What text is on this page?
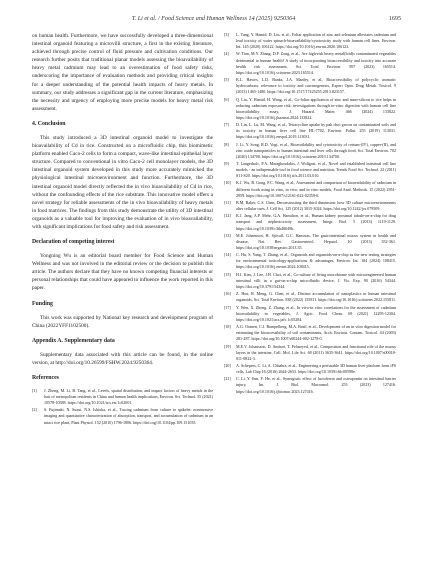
T. Li et al. / Food Science and Human Wellness 14 (2025) 9250364	1695

on human health. Furthermore, we have successfully developed a three-dimensional intestinal organoid featuring a microvilli structure, a first in the existing literature, achieved through precise control of fluid pressure and cultivation conditions. Our research further posits that traditional planar models assessing the bioavailability of heavy metal cadmium may lead to an overestimation of food safety risks, underscoring the importance of evaluation methods and providing critical insights for a deeper understanding of the potential health impacts of heavy metals. In summary, our study addresses a significant gap in the current literature, emphasizing the necessity and urgency of employing more precise models for heavy metal risk assessment.

4. Conclusion

This study introduced a 3D intestinal organoid model to investigate the bioavailability of Cd in rice. Constructed on a microfluidic chip, this biomimetic platform enabled Caco-2 cells to form a compact, wave-like intestinal epithelial layer structure. Compared to conventional in vitro Caco-2 cell monolayer models, the 3D intestinal organoid system developed in this study more accurately mimicked the physiological intestinal microenvironment and function. Furthermore, the 3D intestinal organoid model directly reflected the in vivo bioavailability of Cd in rice, without the confounding effects of the rice substrate. This innovative model offers a novel strategy for reliable assessments of the in vivo bioavailability of heavy metals in food matrices. The findings from this study demonstrate the utility of 3D intestinal organoids as a valuable tool for improving the evaluation of in vivo bioavailability, with significant implications for food safety and risk assessment.

Declaration of competing interest

Yongning Wu is an editorial board member for Food Science and Human Wellness and was not involved in the editorial review or the decision to publish this article. The authors declare that they have no known competing financial interests or personal relationships that could have appeared to influence the work reported in this paper.

Funding

This work was supported by National key research and development program of China (2022YFF1102500).

Appendix A. Supplementary data

Supplementary data associated with this article can be found, in the online version, at http://doi.org/10.26599/FSHW.2024.9250364.

References
[1]	J. Zheng, M. Li, B. Tang, et al., Levels, spatial distribution, and impact factors of heavy metals in the hair of metropolitan residents in China and human health implications, Environ. Sci. Technol. 55 (2021) 10578-10588. https://doi.org/10.1021/acs.est.1c02001.
[2]	S. Fujimaki, N. Suzui, N.S. Ishioka, et al., Tracing cadmium from culture to spikelet: noninvasive imaging and quantitative characterization of absorption, transport, and accumulation of cadmium in an intact rice plant, Plant Physiol. 152 (2010) 1796-1806. https://doi.org/10.1104/pp.109.151035.
[3]	L. Tang, Y. Hamid, D. Liu, et al., Foliar application of zinc and selenium alleviates cadmium and lead toxicity of water spinach-bioavailability/cytotoxicity study with human cell lines, Environ. Int. 145 (2020) 106122. https://doi.org/10.1016/j.envint.2020.106122.
[4]	W. Tian, M.Y. Zhang, D.P. Zong, et al., Are high-risk heavy metal(loid)s contaminated vegetables detrimental to human health? A study of incorporating bioaccessibility and toxicity into accurate health risk assessment, Sci. Total Environ. 897 (2023) 165514. https://doi.org/10.1016/j.scitotenv.2023.165514.
[5]	K.L. Hawes, L.D. Banks, J.A. Manley, et al., Bioaccessibility of polycyclic aromatic hydrocarbons: relevance to toxicity and carcinogenesis, Expert Opin. Drug Metab. Toxicol. 9 (2013) 1465-1480. https://doi.org/10.1517/17425255.2013.823157.
[6]	Q. Liu, Y. Hamid, H. Wang, et al., Co-foliar application of zinc and nano-silicon to rice helps in reducing cadmium exposure risk: investigations through in-vitro digestion with human cell line bioavailability assay, J. Hazard. Mater. 466 (2024) 133822. https://doi.org/10.1016/j.jhazmat.2024.133822.
[7]	D. Lin, L. Lu, M. Wang, et al., Tetracycline uptake by pak choi grown on contaminated soils and its toxicity in human liver cell line HL-7702, Environ. Pollut. 255 (2019) 113031. https://doi.org/10.1016/j.envpol.2019.113031.
[8]	J. Li, Y. Song, R.D. Vogt, et al., Bioavailability and cytotoxicity of cerium-(IV), copper-(II), and zinc oxide nanoparticles to human intestinal and liver cells through food, Sci. Total Environ. 702 (2020) 134700. https://doi.org/10.1016/j.scitotenv.2019.134700.
[9]	T. Langerholc, P.A. Maragkoudakis, J. Wollgast, et al., Novel and established intestinal cell line models - an indispensable tool in food science and nutrition, Trends Food Sci. Technol. 22 (2011) S11-S20. https://doi.org/10.1016/j.tifs.2011.03.010.
[10]	K.J. Wu, B. Gong, F.C. Wang, et al., Assessment and comparison of bioavailability of cadmium in different foods using in vitro, in vivo, and in vitro models, Food Anal. Methods. 15 (2022) 2951-2959. https://doi.org/10.1007/s12161-022-02359-6.
[11]	B.M. Baker, C.S. Chen, Deconstructing the third dimension: how 3D culture microenvironments alter cellular cues, J. Cell Sci. 125 (2012) 3015-3024. https://doi.org/10.1242/jcs.079509.
[12]	K.J. Jang, A.P. Mehr, G.A. Hamilton, et al., Human kidney proximal tubule-on-a-chip for drug transport and nephrotoxicity assessment, Integr. Biol. 5 (2013) 1119-1129. https://doi.org/10.1039/c3ib40049b.
[13]	M.E. Johansson, H. Sjövall, G.C. Hansson, The gastrointestinal mucus system in health and disease, Nat. Rev. Gastroenterol. Hepatol. 10 (2013) 352-361. https://doi.org/10.1038/nrgastro.2013.35.
[14]	C. Hu, S. Yang, T. Zhang, et al., Organoids and organoids-on-a-chip as the new testing strategies for environmental toxicology-applications & advantages, Environ. Int. 184 (2024) 108415. https://doi.org/10.1016/j.envint.2024.108415.
[15]	H.J. Kim, J. Lee, J.H. Choi, et al., Co-culture of living microbiome with microengineered human intestinal villi in a gut-on-a-chip microfluidic device, J. Vis. Exp. 90 (2016) 54344. https://doi.org/10.3791/54344.
[16]	Z. Hou, R. Meng, G. Chen, et al., Distinct accumulation of nanoplastics in human intestinal organoids, Sci. Total Environ. 838 (2022) 155811. https://doi.org/10.1016/j.scitotenv.2022.155811.
[17]	Y. Wen, X. Zheng, Z. Zhang, et al., In vivo-in vitro correlations for the assessment of cadmium bioavailability in vegetables, J. Agric. Food Chem. 69 (2021) 12295-12304. https://doi.org/10.1021/acs.jafc.1c05284.
[18]	A.G. Oomen, C.J. Rompelberg, M.A. Bruil, et al., Development of an in vitro digestion model for estimating the bioaccessibility of soil contaminants, Arch. Environ. Contam. Toxicol. 44 (2003) 281-287. https://doi.org/10.1007/s00244-002-1278-0.
[19]	M.E.V. Johansson, D. Ambort, T. Pelaseyed, et al., Composition and functional role of the mucus layers in the intestine, Cell. Mol. Life Sci. 68 (2011) 3635-3641. https://doi.org/10.1007/s00018-011-0822-3.
[20]	A. Schepers, C. Li, A. Chhabra, et al., Engineering a perfusable 3D human liver platform from iPS cells, Lab Chip 16 (2016) 2644-2653. https://doi.org/10.1039/c6lc00598e.
[21]	C. Li, Y. Sun, Y. He, et al., Synergistic effect of lactoferrin and osteopontin on intestinal barrier injury, Int. J. Biol. Macromol. 253 (2023) 127416. https://doi.org/10.1016/j.ijbiomac.2023.127416.
